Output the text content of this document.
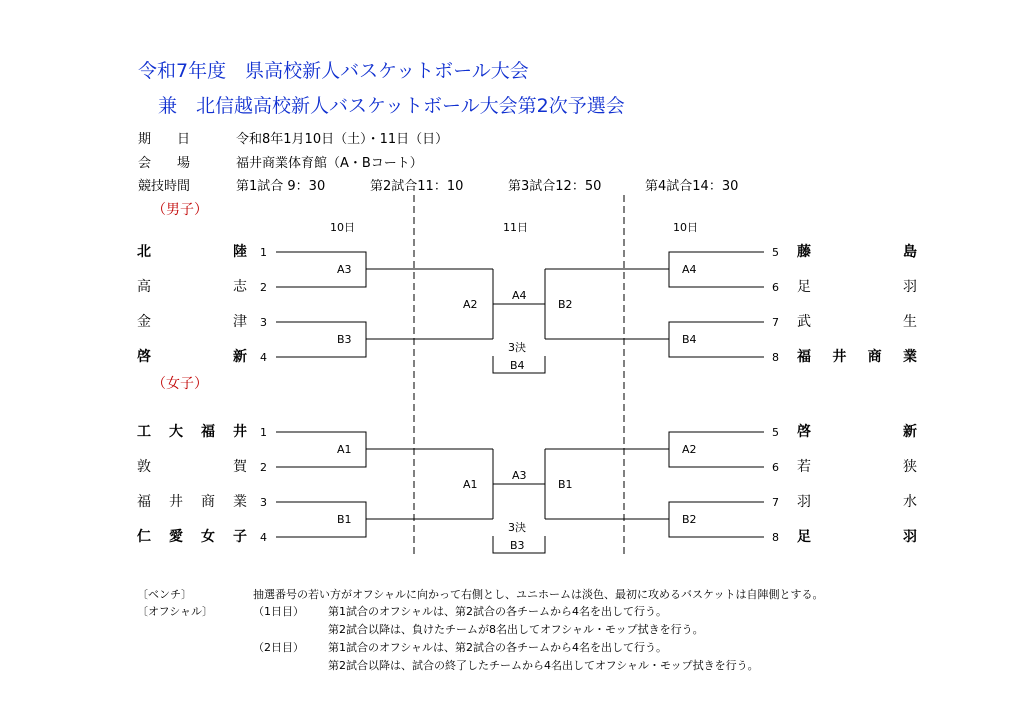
令和7年度　県高校新人バスケットボール大会
兼　北信越高校新人バスケットボール大会第2次予選会
期　　日	令和8年1月10日（土）・11日（日）
会　　場	福井商業体育館（A・Bコート）
競技時間	第1試合 9：30	第2試合11：10	第3試合12：50	第4試合14：30
10日	11日	10日
（男子）
（女子）
北	陸 1
高	志 2
金	津 3
啓	新 4
5 藤	島
6 足	羽
7 武	生
8 福 井 商 業
A3
B3
A4
B4
A2	B2
A4
3決
B4
工 大 福 井 1
敦	賀 2
福 井 商 業 3
仁 愛 女 子 4
5 啓	新
6 若	狭
7 羽	水
8 足	羽
A1
B1
A2
B2
A1	B1
A3
3決
B3
〔ベンチ〕	抽選番号の若い方がオフシャルに向かって右側とし、ユニホームは淡色、最初に攻めるバスケットは自陣側とする。
〔オフシャル〕	（1日目） 第1試合のオフシャルは、第2試合の各チームから4名を出して行う。
第2試合以降は、負けたチームが8名出してオフシャル・モップ拭きを行う。
（2日目） 第1試合のオフシャルは、第2試合の各チームから4名を出して行う。
第2試合以降は、試合の終了したチームから4名出してオフシャル・モップ拭きを行う。
